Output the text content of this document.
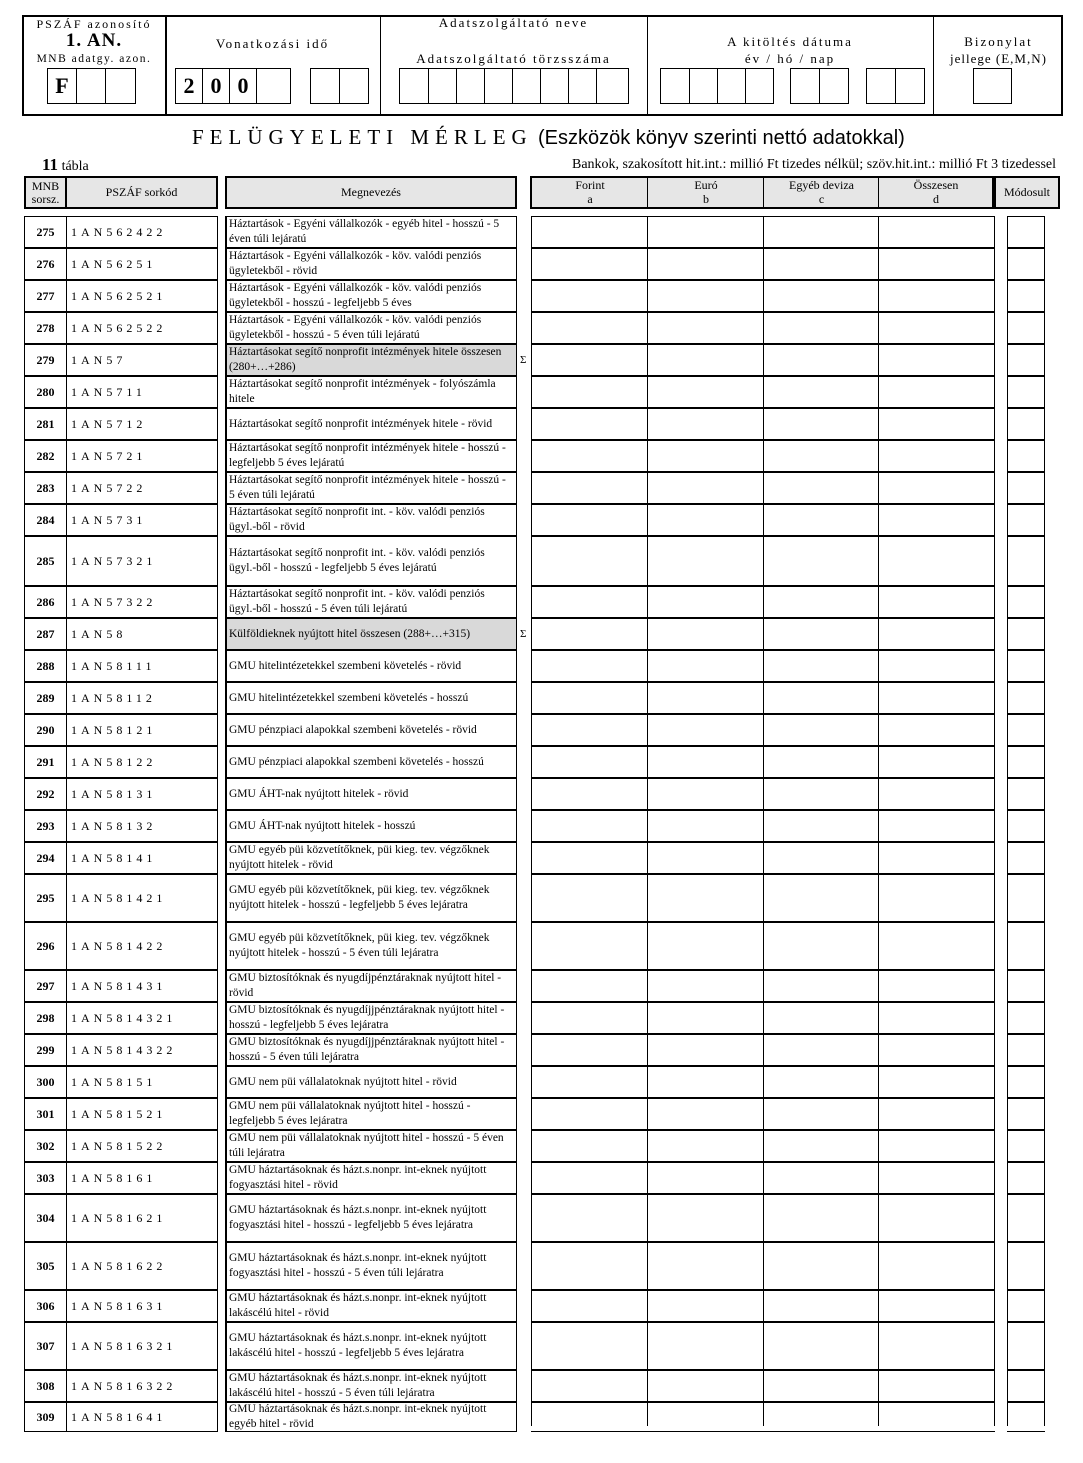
PSZÁF azonosító
1. AN.
MNB adatgy. azon.
F
Vonatkozási idő
2 0 0
Adatszolgáltató neve
Adatszolgáltató törzsszáma
A kitöltés dátuma
év / hó / nap
Bizonylat
jellege (E,M,N)
FELÜGYELETI MÉRLEG (Eszközök könyv szerinti nettó adatokkal)
11 tábla	Bankok, szakosított hit.int.: millió Ft tizedes nélkül; szöv.hit.int.: millió Ft 3 tizedessel
MNB
sorsz.	PSZÁF sorkód	Megnevezés	Forint
a
Euró
b
Egyéb deviza
c
Összesen
d	Módosult
275	1AN562422
Háztartások - Egyéni vállalkozók - egyéb hitel - hosszú - 5 éven túli lejáratú
276	1AN56251
Háztartások - Egyéni vállalkozók - köv. valódi penziós ügyletekből - rövid
277	1AN562521
Háztartások - Egyéni vállalkozók - köv. valódi penziós ügyletekből - hosszú - legfeljebb 5 éves
278	1AN562522
Háztartások - Egyéni vállalkozók - köv. valódi penziós ügyletekből - hosszú - 5 éven túli lejáratú
279	1AN57
Háztartásokat segítő nonprofit intézmények hitele összesen (280+…+286)
Σ
280	1AN5711
Háztartásokat segítő nonprofit intézmények - folyószámla hitele
281	1AN5712	Háztartásokat segítő nonprofit intézmények hitele - rövid
282	1AN5721
Háztartásokat segítő nonprofit intézmények hitele - hosszú - legfeljebb 5 éves lejáratú
283	1AN5722
Háztartásokat segítő nonprofit intézmények hitele - hosszú - 5 éven túli lejáratú
284	1AN5731
Háztartásokat segítő nonprofit int. - köv. valódi penziós ügyl.-ből - rövid
285	1AN57321
Háztartásokat segítő nonprofit int. - köv. valódi penziós ügyl.-ből - hosszú - legfeljebb 5 éves lejáratú
286	1AN57322
Háztartásokat segítő nonprofit int. - köv. valódi penziós ügyl.-ből - hosszú - 5 éven túli lejáratú
287	1AN58	Külföldieknek nyújtott hitel összesen (288+…+315)	Σ
288	1AN58111	GMU hitelintézetekkel szembeni követelés - rövid
289	1AN58112	GMU hitelintézetekkel szembeni követelés - hosszú
290	1AN58121	GMU pénzpiaci alapokkal szembeni követelés - rövid
291	1AN58122	GMU pénzpiaci alapokkal szembeni követelés - hosszú
292	1AN58131	GMU ÁHT-nak nyújtott hitelek - rövid
293	1AN58132	GMU ÁHT-nak nyújtott hitelek - hosszú
294	1AN58141
GMU egyéb püi közvetítőknek, püi kieg. tev. végzőknek nyújtott hitelek - rövid
295	1AN581421
GMU egyéb püi közvetítőknek, püi kieg. tev. végzőknek nyújtott hitelek - hosszú - legfeljebb 5 éves lejáratra
296	1AN581422
GMU egyéb püi közvetítőknek, püi kieg. tev. végzőknek nyújtott hitelek - hosszú - 5 éven túli lejáratra
297	1AN581431
GMU biztosítóknak és nyugdíjpénztáraknak nyújtott hitel - rövid
298	1AN5814321
GMU biztosítóknak és nyugdíjjpénztáraknak nyújtott hitel - hosszú - legfeljebb 5 éves lejáratra
299	1AN5814322
GMU biztosítóknak és nyugdíjjpénztáraknak nyújtott hitel - hosszú - 5 éven túli lejáratra
300	1AN58151	GMU nem püi vállalatoknak nyújtott hitel - rövid
301	1AN581521
GMU nem püi vállalatoknak nyújtott hitel - hosszú - legfeljebb 5 éves lejáratra
302	1AN581522
GMU nem püi vállalatoknak nyújtott hitel - hosszú - 5 éven túli lejáratra
303	1AN58161
GMU háztartásoknak és házt.s.nonpr. int-eknek nyújtott fogyasztási hitel - rövid
304	1AN581621
GMU háztartásoknak és házt.s.nonpr. int-eknek nyújtott fogyasztási hitel - hosszú - legfeljebb 5 éves lejáratra
305	1AN581622
GMU háztartásoknak és házt.s.nonpr. int-eknek nyújtott fogyasztási hitel - hosszú - 5 éven túli lejáratra
306	1AN581631
GMU háztartásoknak és házt.s.nonpr. int-eknek nyújtott lakáscélú hitel - rövid
307	1AN5816321
GMU háztartásoknak és házt.s.nonpr. int-eknek nyújtott lakáscélú hitel - hosszú - legfeljebb 5 éves lejáratra
308	1AN5816322
GMU háztartásoknak és házt.s.nonpr. int-eknek nyújtott lakáscélú hitel - hosszú - 5 éven túli lejáratra
309	1AN581641
GMU háztartásoknak és házt.s.nonpr. int-eknek nyújtott egyéb hitel - rövid
